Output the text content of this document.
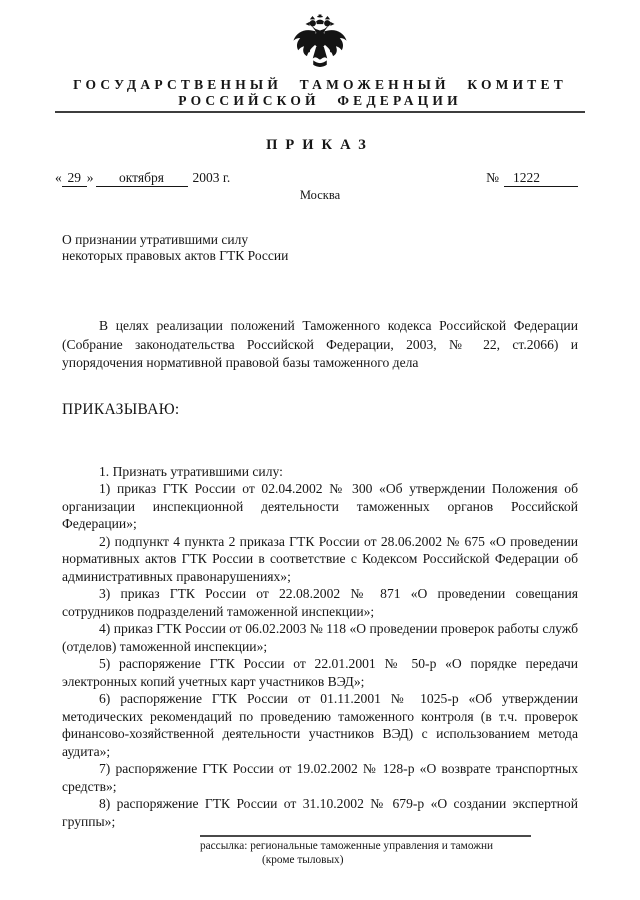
ГОСУДАРСТВЕННЫЙ ТАМОЖЕННЫЙ КОМИТЕТ
РОССИЙСКОЙ ФЕДЕРАЦИИ
ПРИКАЗ
« 29 » октября 2003 г.	№ 1222
Москва
О признании утратившими силу
некоторых правовых актов ГТК России
В целях реализации положений Таможенного кодекса Российской Федерации (Собрание законодательства Российской Федерации, 2003, № 22, ст.2066) и упорядочения нормативной правовой базы таможенного дела
ПРИКАЗЫВАЮ:

1. Признать утратившими силу:

1) приказ ГТК России от 02.04.2002 № 300 «Об утверждении Положения об организации инспекционной деятельности таможенных органов Российской Федерации»;

2) подпункт 4 пункта 2 приказа ГТК России от 28.06.2002 № 675 «О проведении нормативных актов ГТК России в соответствие с Кодексом Российской Федерации об административных правонарушениях»;

3) приказ ГТК России от 22.08.2002 № 871 «О проведении совещания сотрудников подразделений таможенной инспекции»;

4) приказ ГТК России от 06.02.2003 № 118 «О проведении проверок работы служб (отделов) таможенной инспекции»;

5) распоряжение ГТК России от 22.01.2001 № 50-р «О порядке передачи электронных копий учетных карт участников ВЭД»;

6) распоряжение ГТК России от 01.11.2001 № 1025-р «Об утверждении методических рекомендаций по проведению таможенного контроля (в т.ч. проверок финансово-хозяйственной деятельности участников ВЭД) с использованием метода аудита»;

7) распоряжение ГТК России от 19.02.2002 № 128-р «О возврате транспортных средств»;

8) распоряжение ГТК России от 31.10.2002 № 679-р «О создании экспертной группы»;

рассылка: региональные таможенные управления и таможни
(кроме тыловых)
